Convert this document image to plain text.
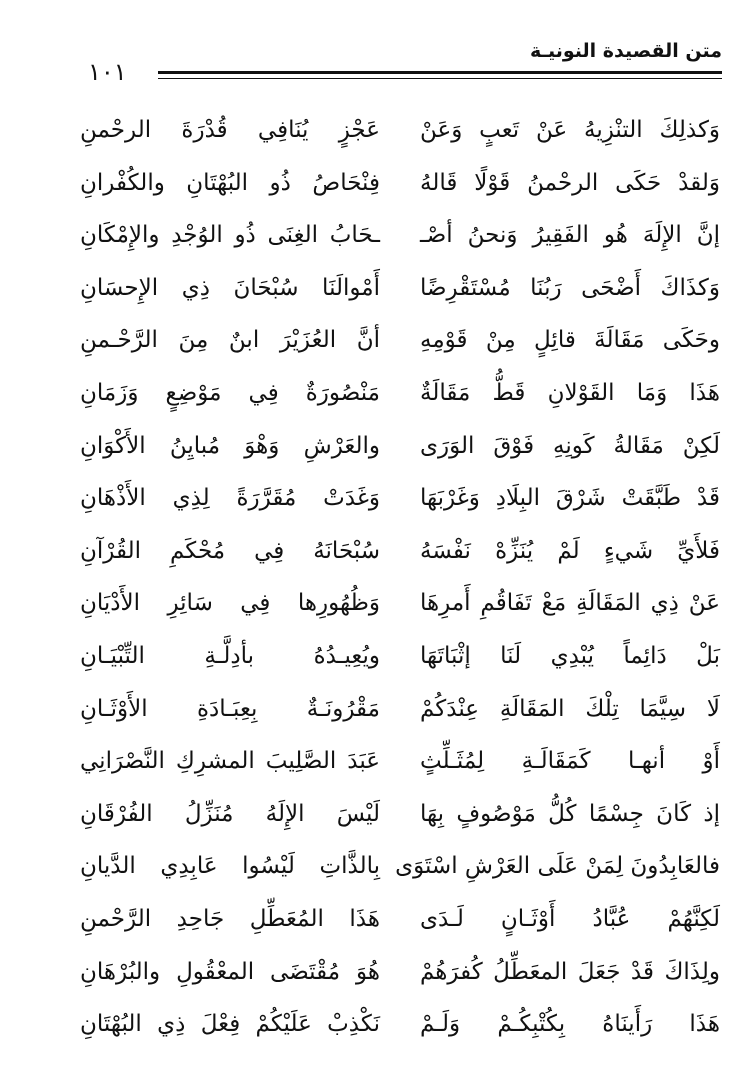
متن القصيدة النونيـة
١٠١
وَكذلِكَ التنْزِيهُ عَنْ تَعبٍ وَعَنْ
عَجْزٍ يُنَافِي قُدْرَةَ الرحْمنِ
وَلقدْ حَكَى الرحْمنُ قَوْلًا قَالهُ
فِنْحَاصُ ذُو البُهْتَانِ والكُفْرانِ
إنَّ الإِلَهَ هُو الفَقِيرُ وَنحنُ أصْـ
ـحَابُ الغِنَى ذُو الوُجْدِ والإِمْكَانِ
وَكذَاكَ أَضْحَى رَبُنَا مُسْتَقْرِضًا
أَمْوالَنَا سُبْحَانَ ذِي الإِحسَانِ
وحَكَى مَقَالَةَ قائِلٍ مِنْ قَوْمِهِ
أنَّ العُزَيْرَ ابنٌ مِنَ الرَّحْـمنِ
هَذَا وَمَا القَوْلانِ قَطُّ مَقَالَةٌ
مَنْصُورَةٌ فِي مَوْضِعٍ وَزَمَانِ
لَكِنْ مَقَالةُ كَونِهِ فَوْقَ الوَرَى
والعَرْشِ وَهْوَ مُبايِنُ الأَكْوَانِ
قَدْ طَبَّقَتْ شَرْقَ البِلَادِ وَغَرْبَهَا
وَغَدَتْ مُقَرَّرَةً لِذِي الأَذْهَانِ
فَلأَيِّ شَيءٍ لَمْ يُنَزِّهْ نَفْسَهُ
سُبْحَانَهُ فِي مُحْكَمِ القُرْآنِ
عَنْ ذِي المَقَالَةِ مَعْ تَفَاقُمِ أَمرِهَا
وَظُهُورِها فِي سَائِرِ الأَدْيَانِ
بَلْ دَائِماً يُبْدِي لَنَا إثْبَاتَهَا
ويُعِيـدُهُ بأدِلَّـةِ التِّبْيَـانِ
لَا سِيَّمَا تِلْكَ المَقَالَةِ عِنْدَكُمْ
مَقْرُونَـةٌ بِعِبَـادَةِ الأَوْثَـانِ
أَوْ أنهـا كَمَقَالَـةِ لِمُثَـلِّثٍ
عَبَدَ الصَّلِيبَ المشرِكِ النَّصْرَانِي
إذ كَانَ جِسْمًا كُلُّ مَوْصُوفٍ بِهَا
لَيْسَ الإِلَهُ مُنَزِّلُ الفُرْقَانِ
فالعَابِدُونَ لِمَنْ عَلَى العَرْشِ اسْتَوَى
بِالذَّاتِ لَيْسُوا عَابِدِي الدَّيانِ
لَكِنَّهُمْ عُبَّادُ أَوْثَـانٍ لَـدَى
هَذَا المُعَطِّلِ جَاحِدِ الرَّحْمنِ
ولِذَاكَ قَدْ جَعَلَ المعَطِّلُ كُفرَهُمْ
هُوَ مُقْتَضَى المعْقُولِ والبُرْهَانِ
هَذَا رَأَينَاهُ بِكُتْبِكُـمْ وَلَـمْ
نَكْذِبْ عَلَيْكُمْ فِعْلَ ذِي البُهْتَانِ
